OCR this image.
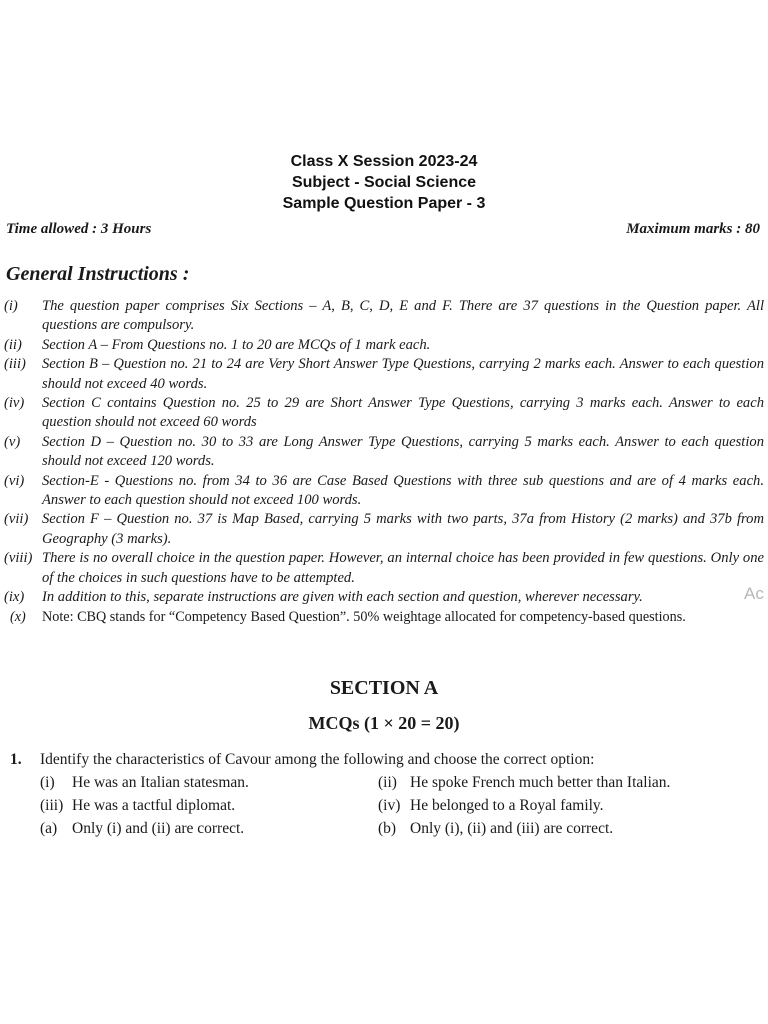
Class X Session 2023-24
Subject - Social Science
Sample Question Paper - 3
Time allowed : 3 Hours	Maximum marks : 80
General Instructions :
(i)	The question paper comprises Six Sections – A, B, C, D, E and F. There are 37 questions in the Question paper. All questions are compulsory.
(ii)	Section A – From Questions no. 1 to 20 are MCQs of 1 mark each.
(iii)	Section B – Question no. 21 to 24 are Very Short Answer Type Questions, carrying 2 marks each. Answer to each question should not exceed 40 words.
(iv)	Section C contains Question no. 25 to 29 are Short Answer Type Questions, carrying 3 marks each. Answer to each question should not exceed 60 words
(v)	Section D – Question no. 30 to 33 are Long Answer Type Questions, carrying 5 marks each. Answer to each question should not exceed 120 words.
(vi)	Section-E - Questions no. from 34 to 36 are Case Based Questions with three sub questions and are of 4 marks each. Answer to each question should not exceed 100 words.
(vii) Section F – Question no. 37 is Map Based, carrying 5 marks with two parts, 37a from History (2 marks) and 37b from Geography (3 marks).
(viii) There is no overall choice in the question paper. However, an internal choice has been provided in few questions. Only one of the choices in such questions have to be attempted.
(ix)	In addition to this, separate instructions are given with each section and question, wherever necessary.
(x)	Note: CBQ stands for “Competency Based Question”. 50% weightage allocated for competency-based questions.
Ac
SECTION A
MCQs (1 × 20 = 20)
1.	Identify the characteristics of Cavour among the following and choose the correct option:
(i)	He was an Italian statesman.	(ii) He spoke French much better than Italian.
(iii) He was a tactful diplomat.	(iv) He belonged to a Royal family.
(a) Only (i) and (ii) are correct.	(b) Only (i), (ii) and (iii) are correct.
